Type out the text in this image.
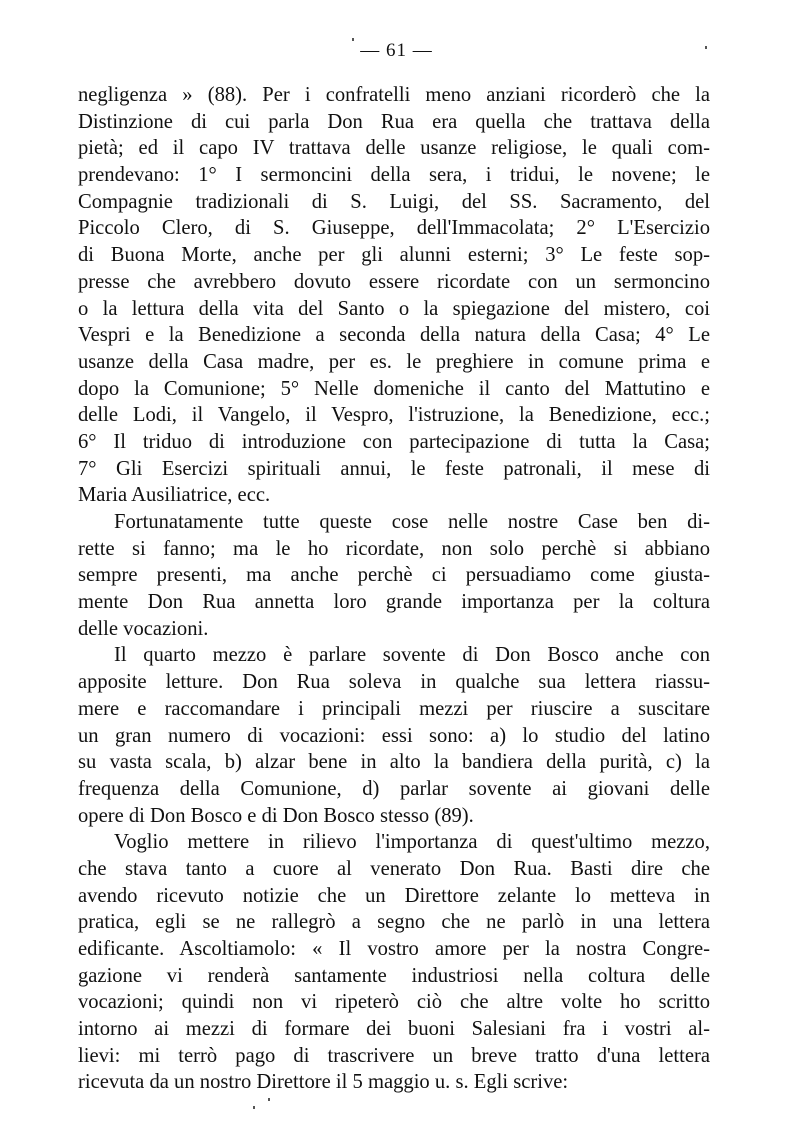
— 61 —
negligenza » (88). Per i confratelli meno anziani ricorderò che la
Distinzione di cui parla Don Rua era quella che trattava della
pietà; ed il capo IV trattava delle usanze religiose, le quali com-
prendevano: 1° I sermoncini della sera, i tridui, le novene; le
Compagnie tradizionali di S. Luigi, del SS. Sacramento, del
Piccolo Clero, di S. Giuseppe, dell'Immacolata; 2° L'Esercizio
di Buona Morte, anche per gli alunni esterni; 3° Le feste sop-
presse che avrebbero dovuto essere ricordate con un sermoncino
o la lettura della vita del Santo o la spiegazione del mistero, coi
Vespri e la Benedizione a seconda della natura della Casa; 4° Le
usanze della Casa madre, per es. le preghiere in comune prima e
dopo la Comunione; 5° Nelle domeniche il canto del Mattutino e
delle Lodi, il Vangelo, il Vespro, l'istruzione, la Benedizione, ecc.;
6° Il triduo di introduzione con partecipazione di tutta la Casa;
7° Gli Esercizi spirituali annui, le feste patronali, il mese di
Maria Ausiliatrice, ecc.
Fortunatamente tutte queste cose nelle nostre Case ben di-
rette si fanno; ma le ho ricordate, non solo perchè si abbiano
sempre presenti, ma anche perchè ci persuadiamo come giusta-
mente Don Rua annetta loro grande importanza per la coltura
delle vocazioni.
Il quarto mezzo è parlare sovente di Don Bosco anche con
apposite letture. Don Rua soleva in qualche sua lettera riassu-
mere e raccomandare i principali mezzi per riuscire a suscitare
un gran numero di vocazioni: essi sono: a) lo studio del latino
su vasta scala, b) alzar bene in alto la bandiera della purità, c) la
frequenza della Comunione, d) parlar sovente ai giovani delle
opere di Don Bosco e di Don Bosco stesso (89).
Voglio mettere in rilievo l'importanza di quest'ultimo mezzo,
che stava tanto a cuore al venerato Don Rua. Basti dire che
avendo ricevuto notizie che un Direttore zelante lo metteva in
pratica, egli se ne rallegrò a segno che ne parlò in una lettera
edificante. Ascoltiamolo: « Il vostro amore per la nostra Congre-
gazione vi renderà santamente industriosi nella coltura delle
vocazioni; quindi non vi ripeterò ciò che altre volte ho scritto
intorno ai mezzi di formare dei buoni Salesiani fra i vostri al-
lievi: mi terrò pago di trascrivere un breve tratto d'una lettera
ricevuta da un nostro Direttore il 5 maggio u. s. Egli scrive:
